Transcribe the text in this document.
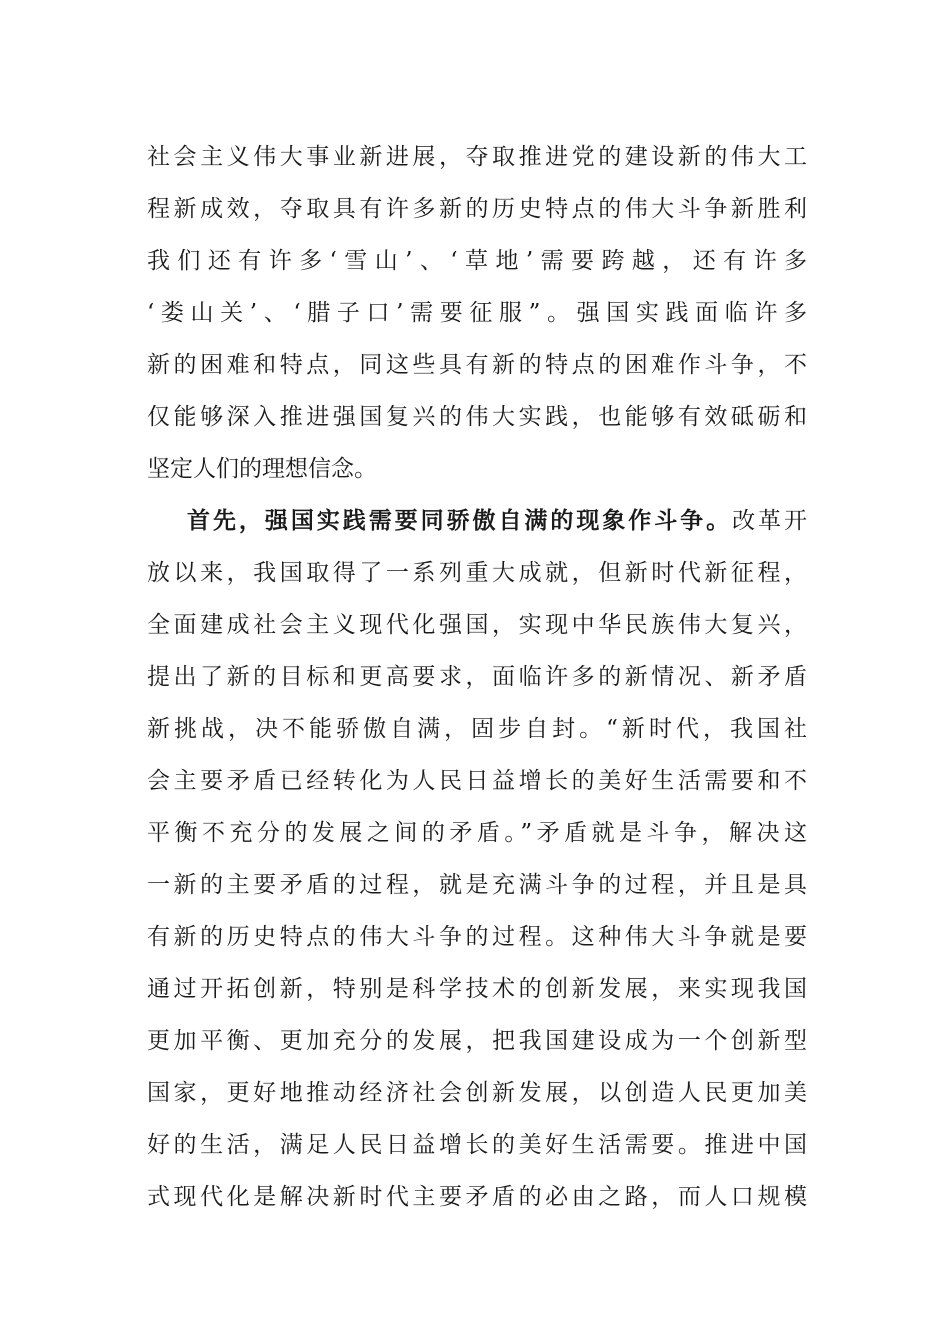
社会主义伟大事业新进展，夺取推进党的建设新的伟大工
程新成效，夺取具有许多新的历史特点的伟大斗争新胜利
我们还有许多‘雪山’、‘草地’需要跨越，还有许多
‘娄山关’、‘腊子口’需要征服”。强国实践面临许多
新的困难和特点，同这些具有新的特点的困难作斗争，不
仅能够深入推进强国复兴的伟大实践，也能够有效砥砺和
坚定人们的理想信念。
首先，强国实践需要同骄傲自满的现象作斗争。改革开
放以来，我国取得了一系列重大成就，但新时代新征程，
全面建成社会主义现代化强国，实现中华民族伟大复兴，
提出了新的目标和更高要求，面临许多的新情况、新矛盾
新挑战，决不能骄傲自满，固步自封。“新时代，我国社
会主要矛盾已经转化为人民日益增长的美好生活需要和不
平衡不充分的发展之间的矛盾。”矛盾就是斗争，解决这
一新的主要矛盾的过程，就是充满斗争的过程，并且是具
有新的历史特点的伟大斗争的过程。这种伟大斗争就是要
通过开拓创新，特别是科学技术的创新发展，来实现我国
更加平衡、更加充分的发展，把我国建设成为一个创新型
国家，更好地推动经济社会创新发展，以创造人民更加美
好的生活，满足人民日益增长的美好生活需要。推进中国
式现代化是解决新时代主要矛盾的必由之路，而人口规模
